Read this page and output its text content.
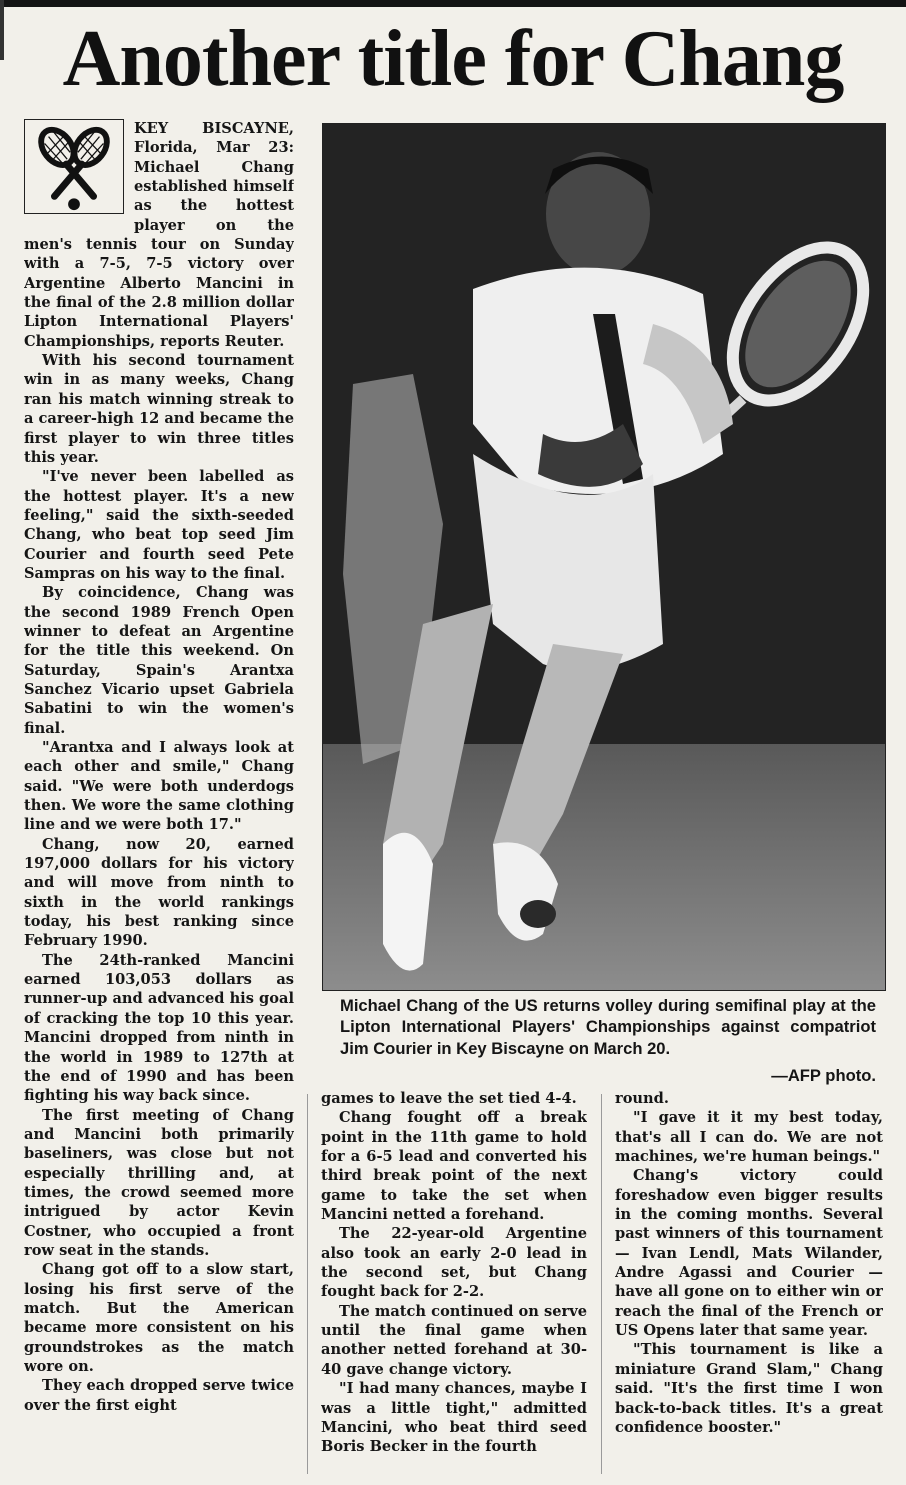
Another title for Chang

KEY BISCAYNE, Florida, Mar 23: Michael Chang established himself as the hottest player on the men's tennis tour on Sunday with a 7-5, 7-5 victory over Argentine Alberto Mancini in the final of the 2.8 million dollar Lipton International Players' Championships, reports Reuter.

With his second tournament win in as many weeks, Chang ran his match winning streak to a career-high 12 and became the first player to win three titles this year.

"I've never been labelled as the hottest player. It's a new feeling," said the sixth-seeded Chang, who beat top seed Jim Courier and fourth seed Pete Sampras on his way to the final.

By coincidence, Chang was the second 1989 French Open winner to defeat an Argentine for the title this weekend. On Saturday, Spain's Arantxa Sanchez Vicario upset Gabriela Sabatini to win the women's final.

"Arantxa and I always look at each other and smile," Chang said. "We were both underdogs then. We wore the same clothing line and we were both 17."

Chang, now 20, earned 197,000 dollars for his victory and will move from ninth to sixth in the world rankings today, his best ranking since February 1990.

The 24th-ranked Mancini earned 103,053 dollars as runner-up and advanced his goal of cracking the top 10 this year. Mancini dropped from ninth in the world in 1989 to 127th at the end of 1990 and has been fighting his way back since.

The first meeting of Chang and Mancini both primarily baseliners, was close but not especially thrilling and, at times, the crowd seemed more intrigued by actor Kevin Costner, who occupied a front row seat in the stands.

Chang got off to a slow start, losing his first serve of the match. But the American became more consistent on his groundstrokes as the match wore on.

They each dropped serve twice over the first eight

Michael Chang of the US returns volley during semifinal play at the Lipton International Players' Championships against compatriot Jim Courier in Key Biscayne on March 20.
—AFP photo.

games to leave the set tied 4-4.

Chang fought off a break point in the 11th game to hold for a 6-5 lead and converted his third break point of the next game to take the set when Mancini netted a forehand.

The 22-year-old Argentine also took an early 2-0 lead in the second set, but Chang fought back for 2-2.

The match continued on serve until the final game when another netted forehand at 30-40 gave change victory.

"I had many chances, maybe I was a little tight," admitted Mancini, who beat third seed Boris Becker in the fourth

round.

"I gave it it my best today, that's all I can do. We are not machines, we're human beings."

Chang's victory could foreshadow even bigger results in the coming months. Several past winners of this tournament — Ivan Lendl, Mats Wilander, Andre Agassi and Courier — have all gone on to either win or reach the final of the French or US Opens later that same year.

"This tournament is like a miniature Grand Slam," Chang said. "It's the first time I won back-to-back titles. It's a great confidence booster."
